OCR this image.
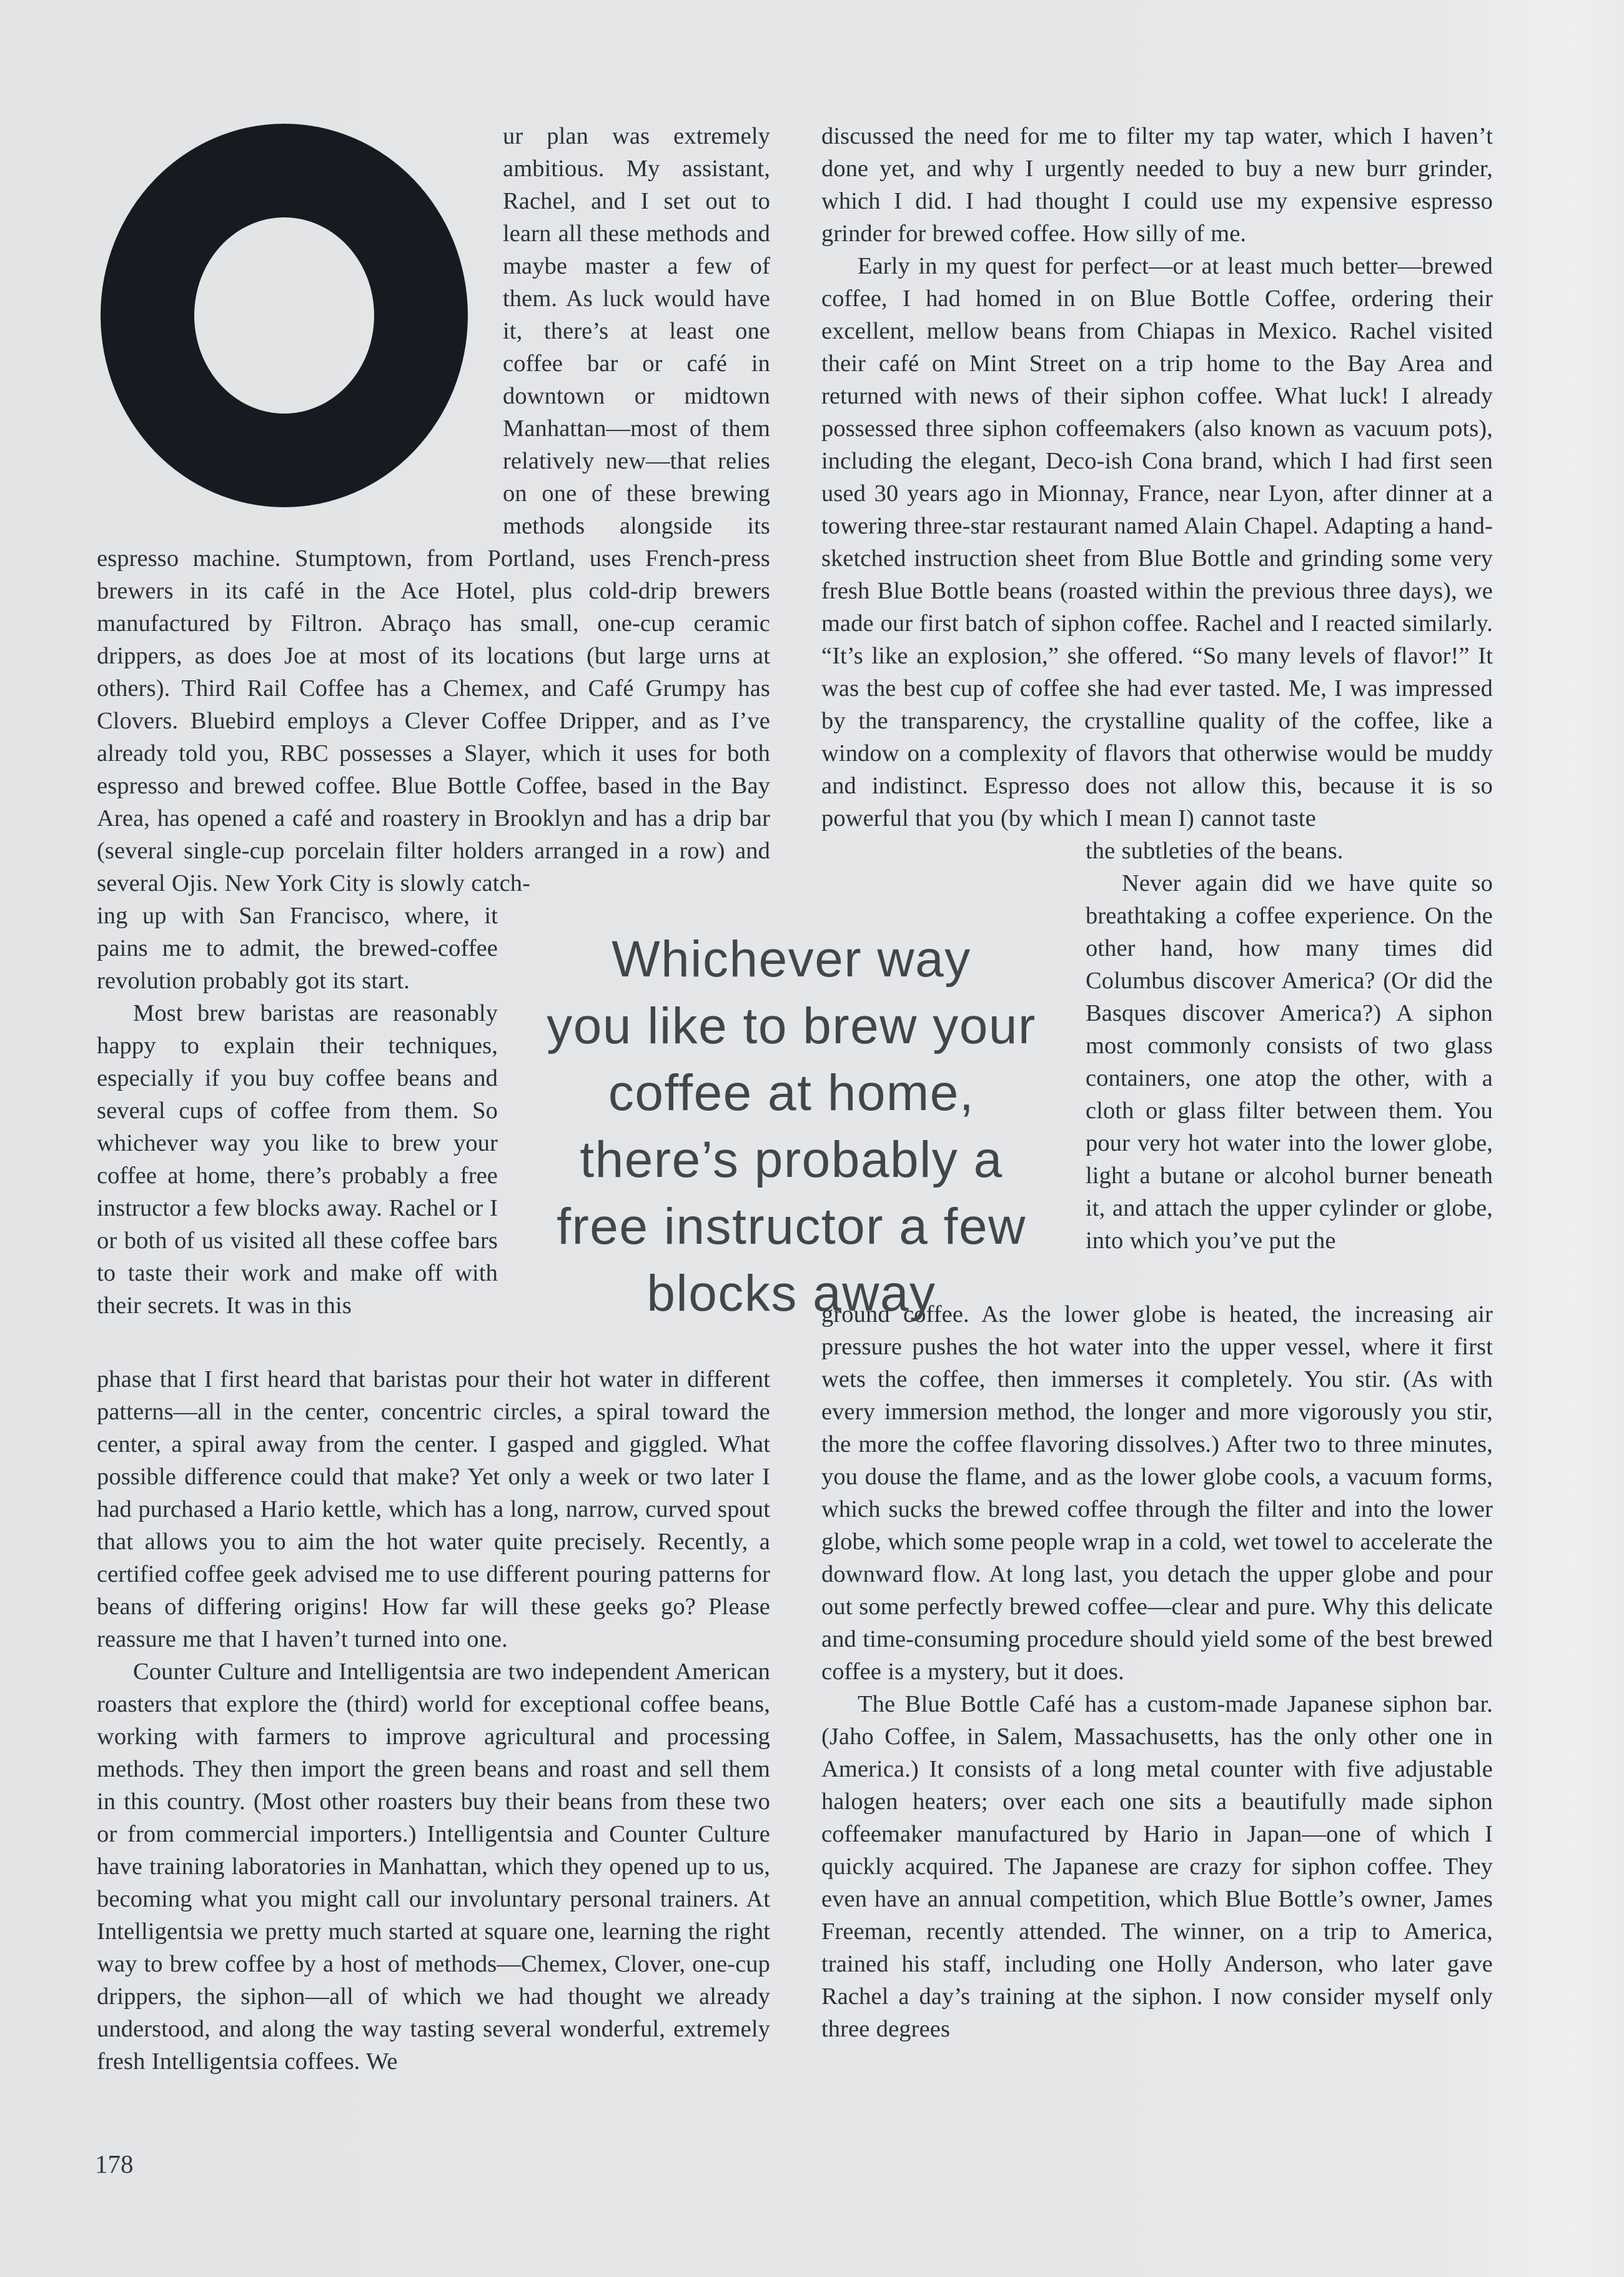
ur plan was extremely ambitious. My assistant, Rachel, and I set out to learn all these methods and maybe master a few of them. As luck would have it, there’s at least one coffee bar or café in downtown or midtown Manhattan—most of them relatively new—that relies on one of these brewing methods alongside its espresso machine. Stumptown, from Portland, uses French-press brewers in its café in the Ace Hotel, plus cold-drip brewers manufactured by Filtron. Abraço has small, one-cup ceramic drippers, as does Joe at most of its locations (but large urns at others). Third Rail Coffee has a Chemex, and Café Grumpy has Clovers. Bluebird employs a Clever Coffee Dripper, and as I’ve already told you, RBC possesses a Slayer, which it uses for both espresso and brewed coffee. Blue Bottle Coffee, based in the Bay Area, has opened a café and roastery in Brooklyn and has a drip bar (several single-cup porcelain filter holders arranged in a row) and several Ojis. New York City is slowly catch-

ing up with San Francisco, where, it pains me to admit, the brewed-coffee revolution probably got its start.

Most brew baristas are reasonably happy to explain their techniques, especially if you buy coffee beans and several cups of coffee from them. So whichever way you like to brew your coffee at home, there’s probably a free instructor a few blocks away. Rachel or I or both of us visited all these coffee bars to taste their work and make off with their secrets. It was in this

phase that I first heard that baristas pour their hot water in different patterns—all in the center, concentric circles, a spiral toward the center, a spiral away from the center. I gasped and giggled. What possible difference could that make? Yet only a week or two later I had purchased a Hario kettle, which has a long, narrow, curved spout that allows you to aim the hot water quite precisely. Recently, a certified coffee geek advised me to use different pouring patterns for beans of differing origins! How far will these geeks go? Please reassure me that I haven’t turned into one.

Counter Culture and Intelligentsia are two independent American roasters that explore the (third) world for exceptional coffee beans, working with farmers to improve agricultural and processing methods. They then import the green beans and roast and sell them in this country. (Most other roasters buy their beans from these two or from commercial importers.) Intelligentsia and Counter Culture have training laboratories in Manhattan, which they opened up to us, becoming what you might call our involuntary personal trainers. At Intelligentsia we pretty much started at square one, learning the right way to brew coffee by a host of methods—Chemex, Clover, one-cup drippers, the siphon—all of which we had thought we already understood, and along the way tasting several wonderful, extremely fresh Intelligentsia coffees. We

discussed the need for me to filter my tap water, which I haven’t done yet, and why I urgently needed to buy a new burr grinder, which I did. I had thought I could use my expensive espresso grinder for brewed coffee. How silly of me.

Early in my quest for perfect—or at least much better—brewed coffee, I had homed in on Blue Bottle Coffee, ordering their excellent, mellow beans from Chiapas in Mexico. Rachel visited their café on Mint Street on a trip home to the Bay Area and returned with news of their siphon coffee. What luck! I already possessed three siphon coffeemakers (also known as vacuum pots), including the elegant, Deco-ish Cona brand, which I had first seen used 30 years ago in Mionnay, France, near Lyon, after dinner at a towering three-star restaurant named Alain Chapel. Adapting a hand-sketched instruction sheet from Blue Bottle and grinding some very fresh Blue Bottle beans (roasted within the previous three days), we made our first batch of siphon coffee. Rachel and I reacted similarly. “It’s like an explosion,” she offered. “So many levels of flavor!” It was the best cup of coffee she had ever tasted. Me, I was impressed by the transparency, the crystalline quality of the coffee, like a window on a complexity of flavors that otherwise would be muddy and indistinct. Espresso does not allow this, because it is so powerful that you (by which I mean I) cannot taste

the subtleties of the beans.

Never again did we have quite so breathtaking a coffee experience. On the other hand, how many times did Columbus discover America? (Or did the Basques discover America?) A siphon most commonly consists of two glass containers, one atop the other, with a cloth or glass filter between them. You pour very hot water into the lower globe, light a butane or alcohol burner beneath it, and attach the upper cylinder or globe, into which you’ve put the

ground coffee. As the lower globe is heated, the increasing air pressure pushes the hot water into the upper vessel, where it first wets the coffee, then immerses it completely. You stir. (As with every immersion method, the longer and more vigorously you stir, the more the coffee flavoring dissolves.) After two to three minutes, you douse the flame, and as the lower globe cools, a vacuum forms, which sucks the brewed coffee through the filter and into the lower globe, which some people wrap in a cold, wet towel to accelerate the downward flow. At long last, you detach the upper globe and pour out some perfectly brewed coffee—clear and pure. Why this delicate and time-consuming procedure should yield some of the best brewed coffee is a mystery, but it does.

The Blue Bottle Café has a custom-made Japanese siphon bar. (Jaho Coffee, in Salem, Massachusetts, has the only other one in America.) It consists of a long metal counter with five adjustable halogen heaters; over each one sits a beautifully made siphon coffeemaker manufactured by Hario in Japan—one of which I quickly acquired. The Japanese are crazy for siphon coffee. They even have an annual competition, which Blue Bottle’s owner, James Freeman, recently attended. The winner, on a trip to America, trained his staff, including one Holly Anderson, who later gave Rachel a day’s training at the siphon. I now consider myself only three degrees

Whichever way
you like to brew your
coffee at home,
there’s probably a
free instructor a few
blocks away
178
